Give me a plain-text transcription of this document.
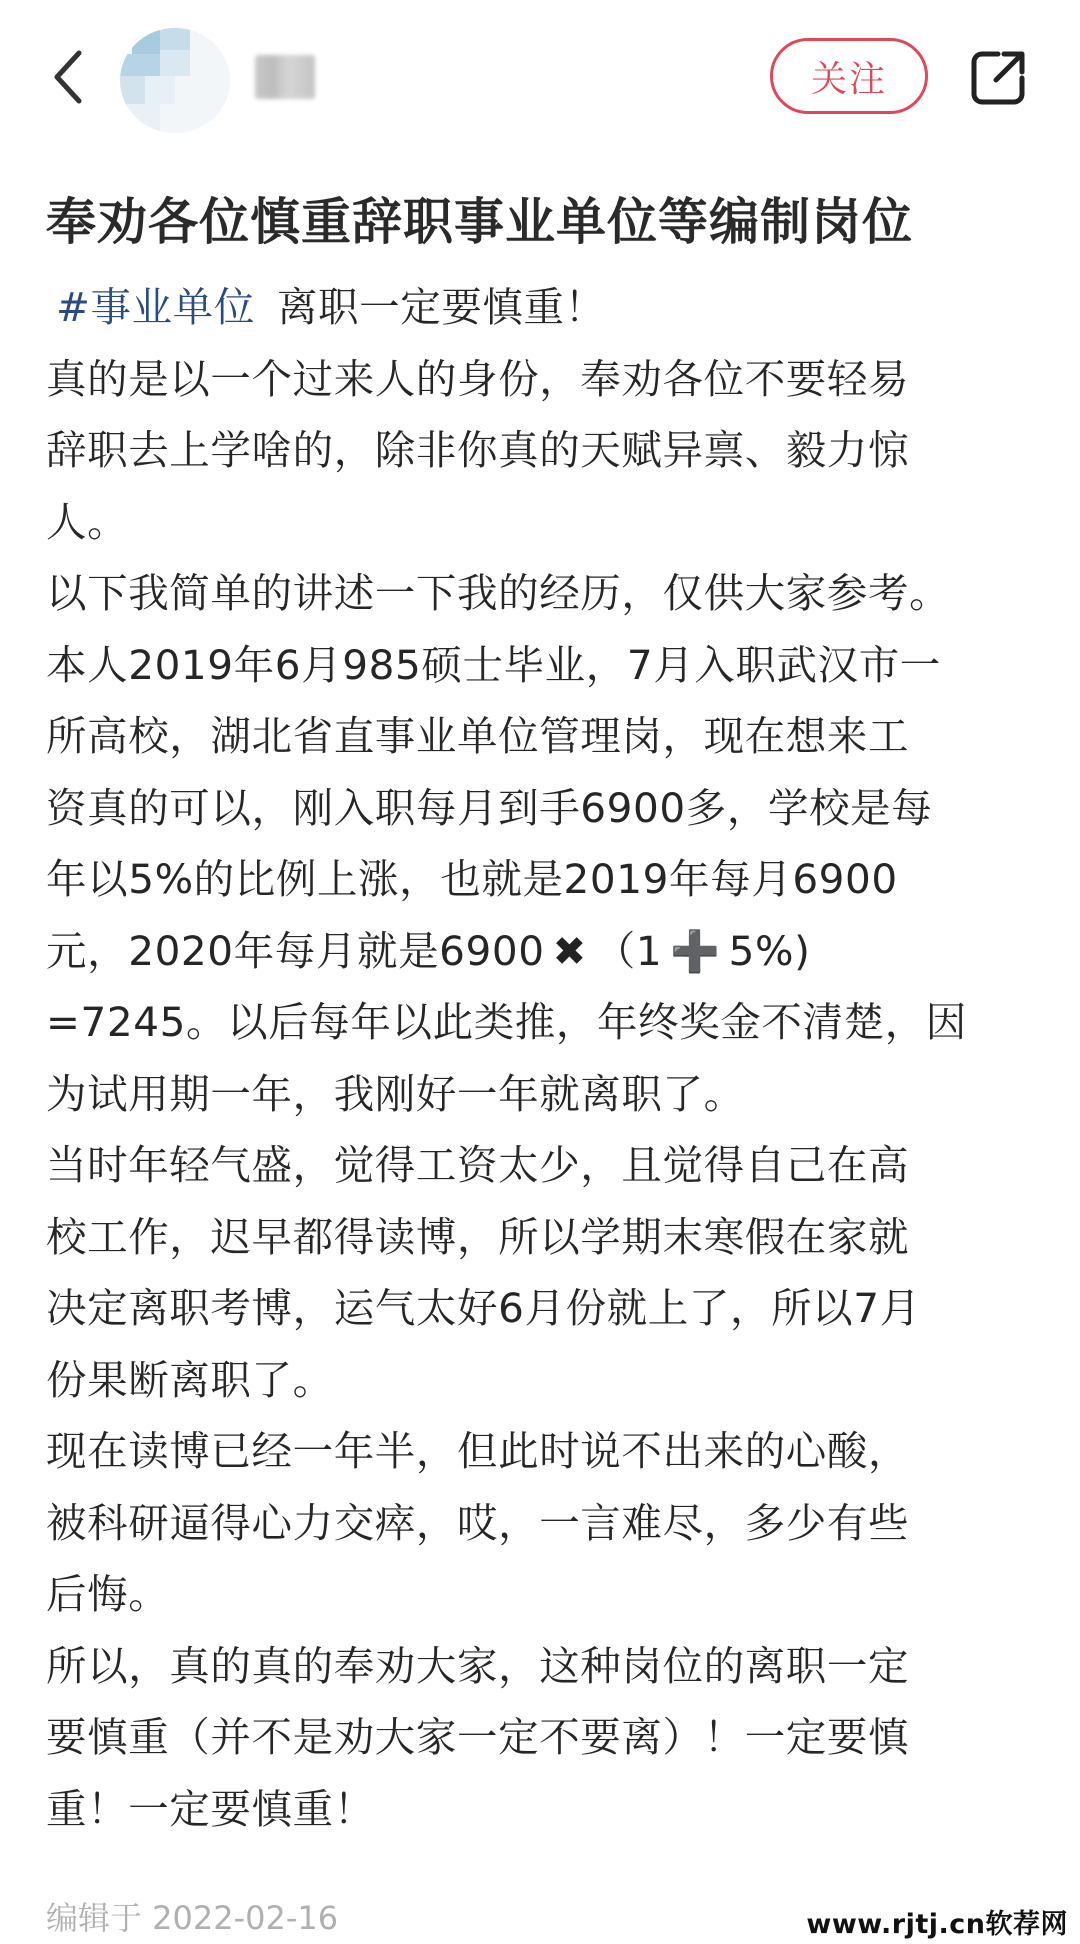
关注
奉劝各位慎重辞职事业单位等编制岗位
#事业单位 离职一定要慎重！
真的是以一个过来人的身份，奉劝各位不要轻易
辞职去上学啥的，除非你真的天赋异禀、毅力惊
人。
以下我简单的讲述一下我的经历，仅供大家参考。
本人2019年6月985硕士毕业，7月入职武汉市一
所高校，湖北省直事业单位管理岗，现在想来工
资真的可以，刚入职每月到手6900多，学校是每
年以5%的比例上涨，也就是2019年每月6900
元，2020年每月就是6900 ✖ （1 ➕ 5%)
=7245。以后每年以此类推，年终奖金不清楚，因
为试用期一年，我刚好一年就离职了。
当时年轻气盛，觉得工资太少，且觉得自己在高
校工作，迟早都得读博，所以学期末寒假在家就
决定离职考博，运气太好6月份就上了，所以7月
份果断离职了。
现在读博已经一年半，但此时说不出来的心酸，
被科研逼得心力交瘁，哎，一言难尽，多少有些
后悔。
所以，真的真的奉劝大家，这种岗位的离职一定
要慎重（并不是劝大家一定不要离）！一定要慎
重！一定要慎重！
编辑于 2022-02-16	www.rjtj.cn软荐网
